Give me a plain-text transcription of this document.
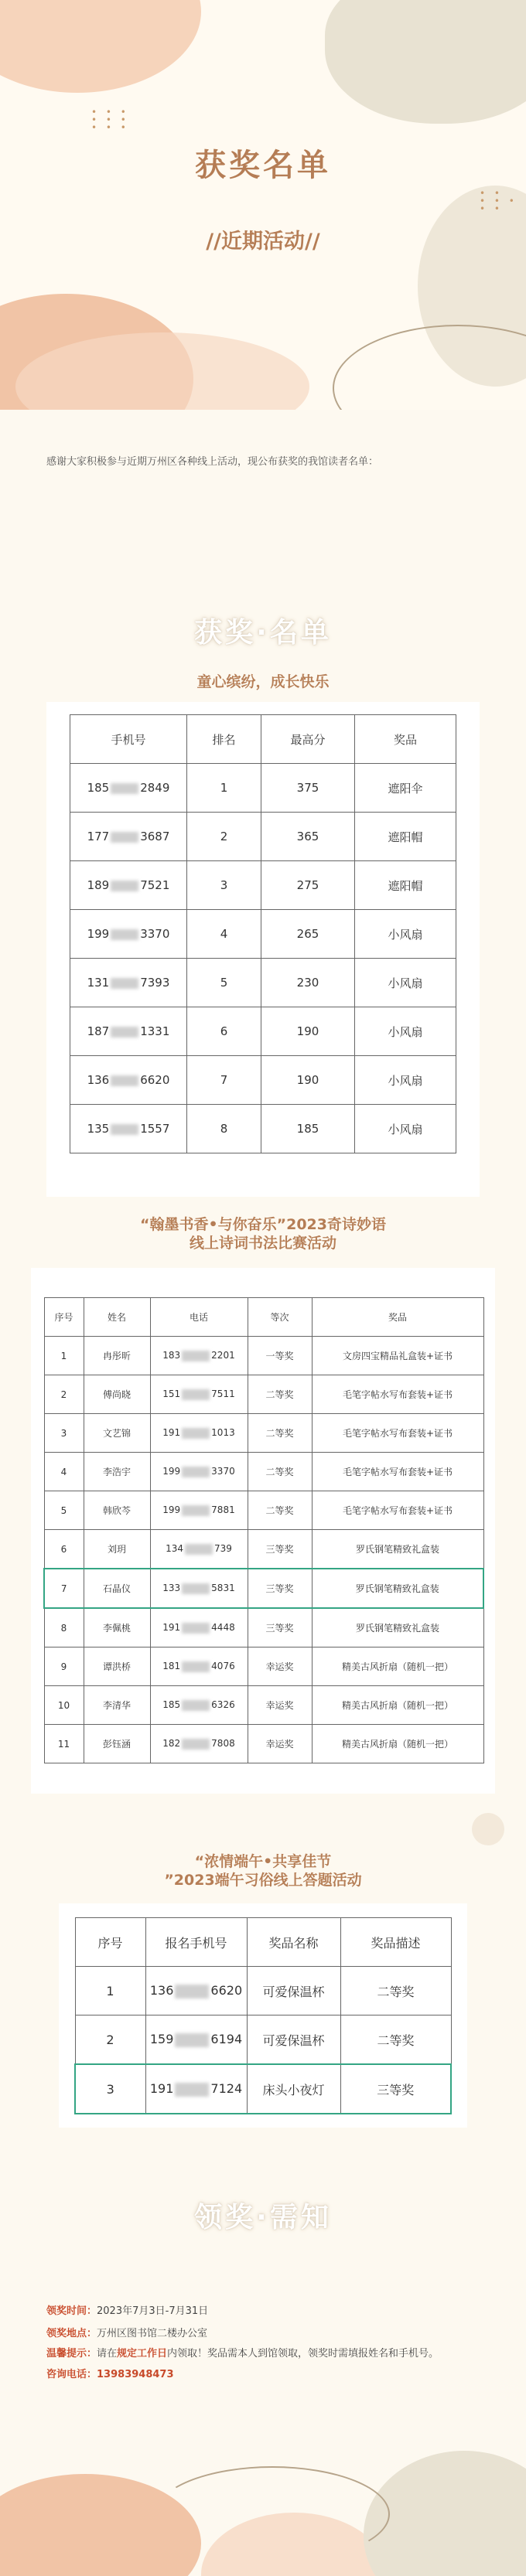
• • •
• • •
• • •
• •
• • •
• •
获奖名单
//近期活动//
感谢大家积极参与近期万州区各种线上活动，现公布获奖的我馆读者名单：
获奖·名单
童心缤纷，成长快乐
手机号	排名	最高分	奖品
185 2849	1	375	遮阳伞
177 3687	2	365	遮阳帽
189 7521	3	275	遮阳帽
199 3370	4	265	小风扇
131 7393	5	230	小风扇
187 1331	6	190	小风扇
136 6620	7	190	小风扇
135 1557	8	185	小风扇
“翰墨书香•与你奋乐”2023奇诗妙语
线上诗词书法比赛活动
序号	姓名	电话	等次	奖品
1	冉彤昕	183 2201	一等奖	文房四宝精品礼盒装+证书
2	傅尚晓	151 7511	二等奖	毛笔字帖水写布套装+证书
3	文艺锦	191 1013	二等奖	毛笔字帖水写布套装+证书
4	李浩宇	199 3370	二等奖	毛笔字帖水写布套装+证书
5	韩欣芩	199 7881	二等奖	毛笔字帖水写布套装+证书
6	刘玥	134 739	三等奖	罗氏钢笔精致礼盒装
7	石晶仪	133 5831	三等奖	罗氏钢笔精致礼盒装
8	李佩桃	191 4448	三等奖	罗氏钢笔精致礼盒装
9	谭洪桥	181 4076	幸运奖	精美古风折扇（随机一把）
10	李清华	185 6326	幸运奖	精美古风折扇（随机一把）
11	彭钰涵	182 7808	幸运奖	精美古风折扇（随机一把）
“浓情端午•共享佳节
”2023端午习俗线上答题活动
序号	报名手机号	奖品名称	奖品描述
1	136 6620	可爱保温杯	二等奖
2	159 6194	可爱保温杯	二等奖
3	191 7124	床头小夜灯	三等奖
领奖·需知
领奖时间：2023年7月3日-7月31日
领奖地点：万州区图书馆二楼办公室
温馨提示：请在规定工作日内领取！奖品需本人到馆领取，领奖时需填报姓名和手机号。
咨询电话：13983948473
